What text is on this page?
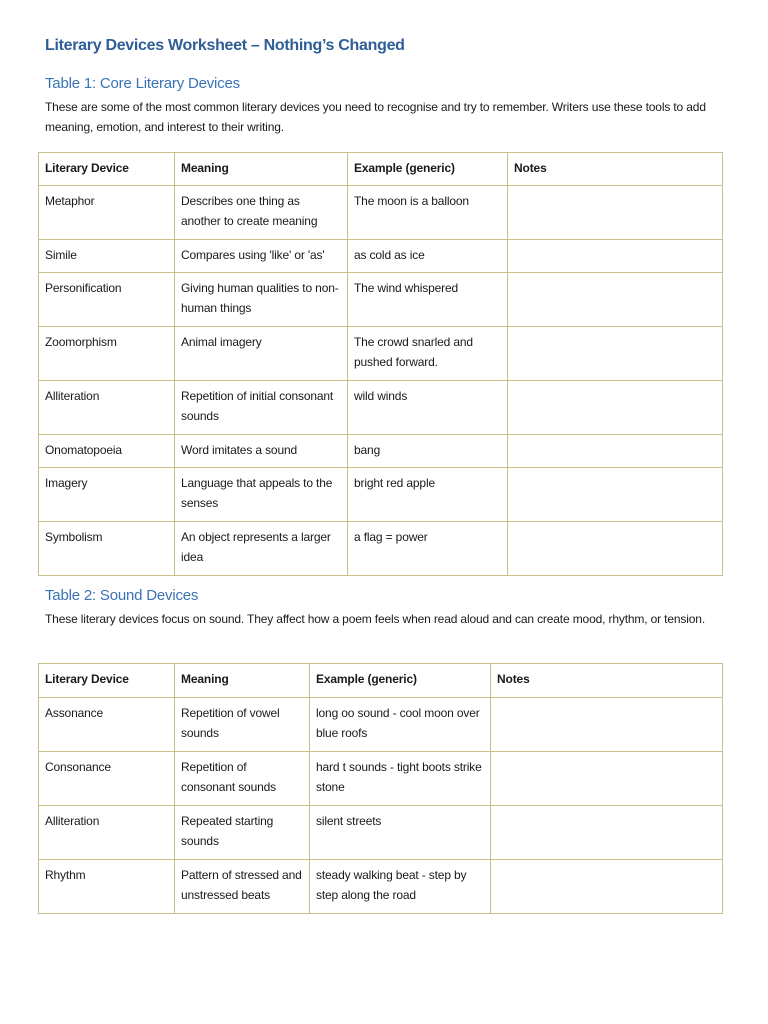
Literary Devices Worksheet – Nothing’s Changed
Table 1: Core Literary Devices

These are some of the most common literary devices you need to recognise and try to remember. Writers use these tools to add meaning, emotion, and interest to their writing.

Literary Device	Meaning	Example (generic)	Notes
Metaphor	Describes one thing as another to create meaning	The moon is a balloon	
Simile	Compares using 'like' or 'as'	as cold as ice	
Personification	Giving human qualities to non-human things	The wind whispered	
Zoomorphism	Animal imagery	The crowd snarled and pushed forward.	
Alliteration	Repetition of initial consonant sounds	wild winds	
Onomatopoeia	Word imitates a sound	bang	
Imagery	Language that appeals to the senses	bright red apple	
Symbolism	An object represents a larger idea	a flag = power	
Table 2: Sound Devices

These literary devices focus on sound. They affect how a poem feels when read aloud and can create mood, rhythm, or tension.

Literary Device	Meaning	Example (generic)	Notes
Assonance	Repetition of vowel sounds	long oo sound - cool moon over blue roofs	
Consonance	Repetition of consonant sounds	hard t sounds - tight boots strike stone	
Alliteration	Repeated starting sounds	silent streets	
Rhythm	Pattern of stressed and unstressed beats	steady walking beat - step by step along the road	
